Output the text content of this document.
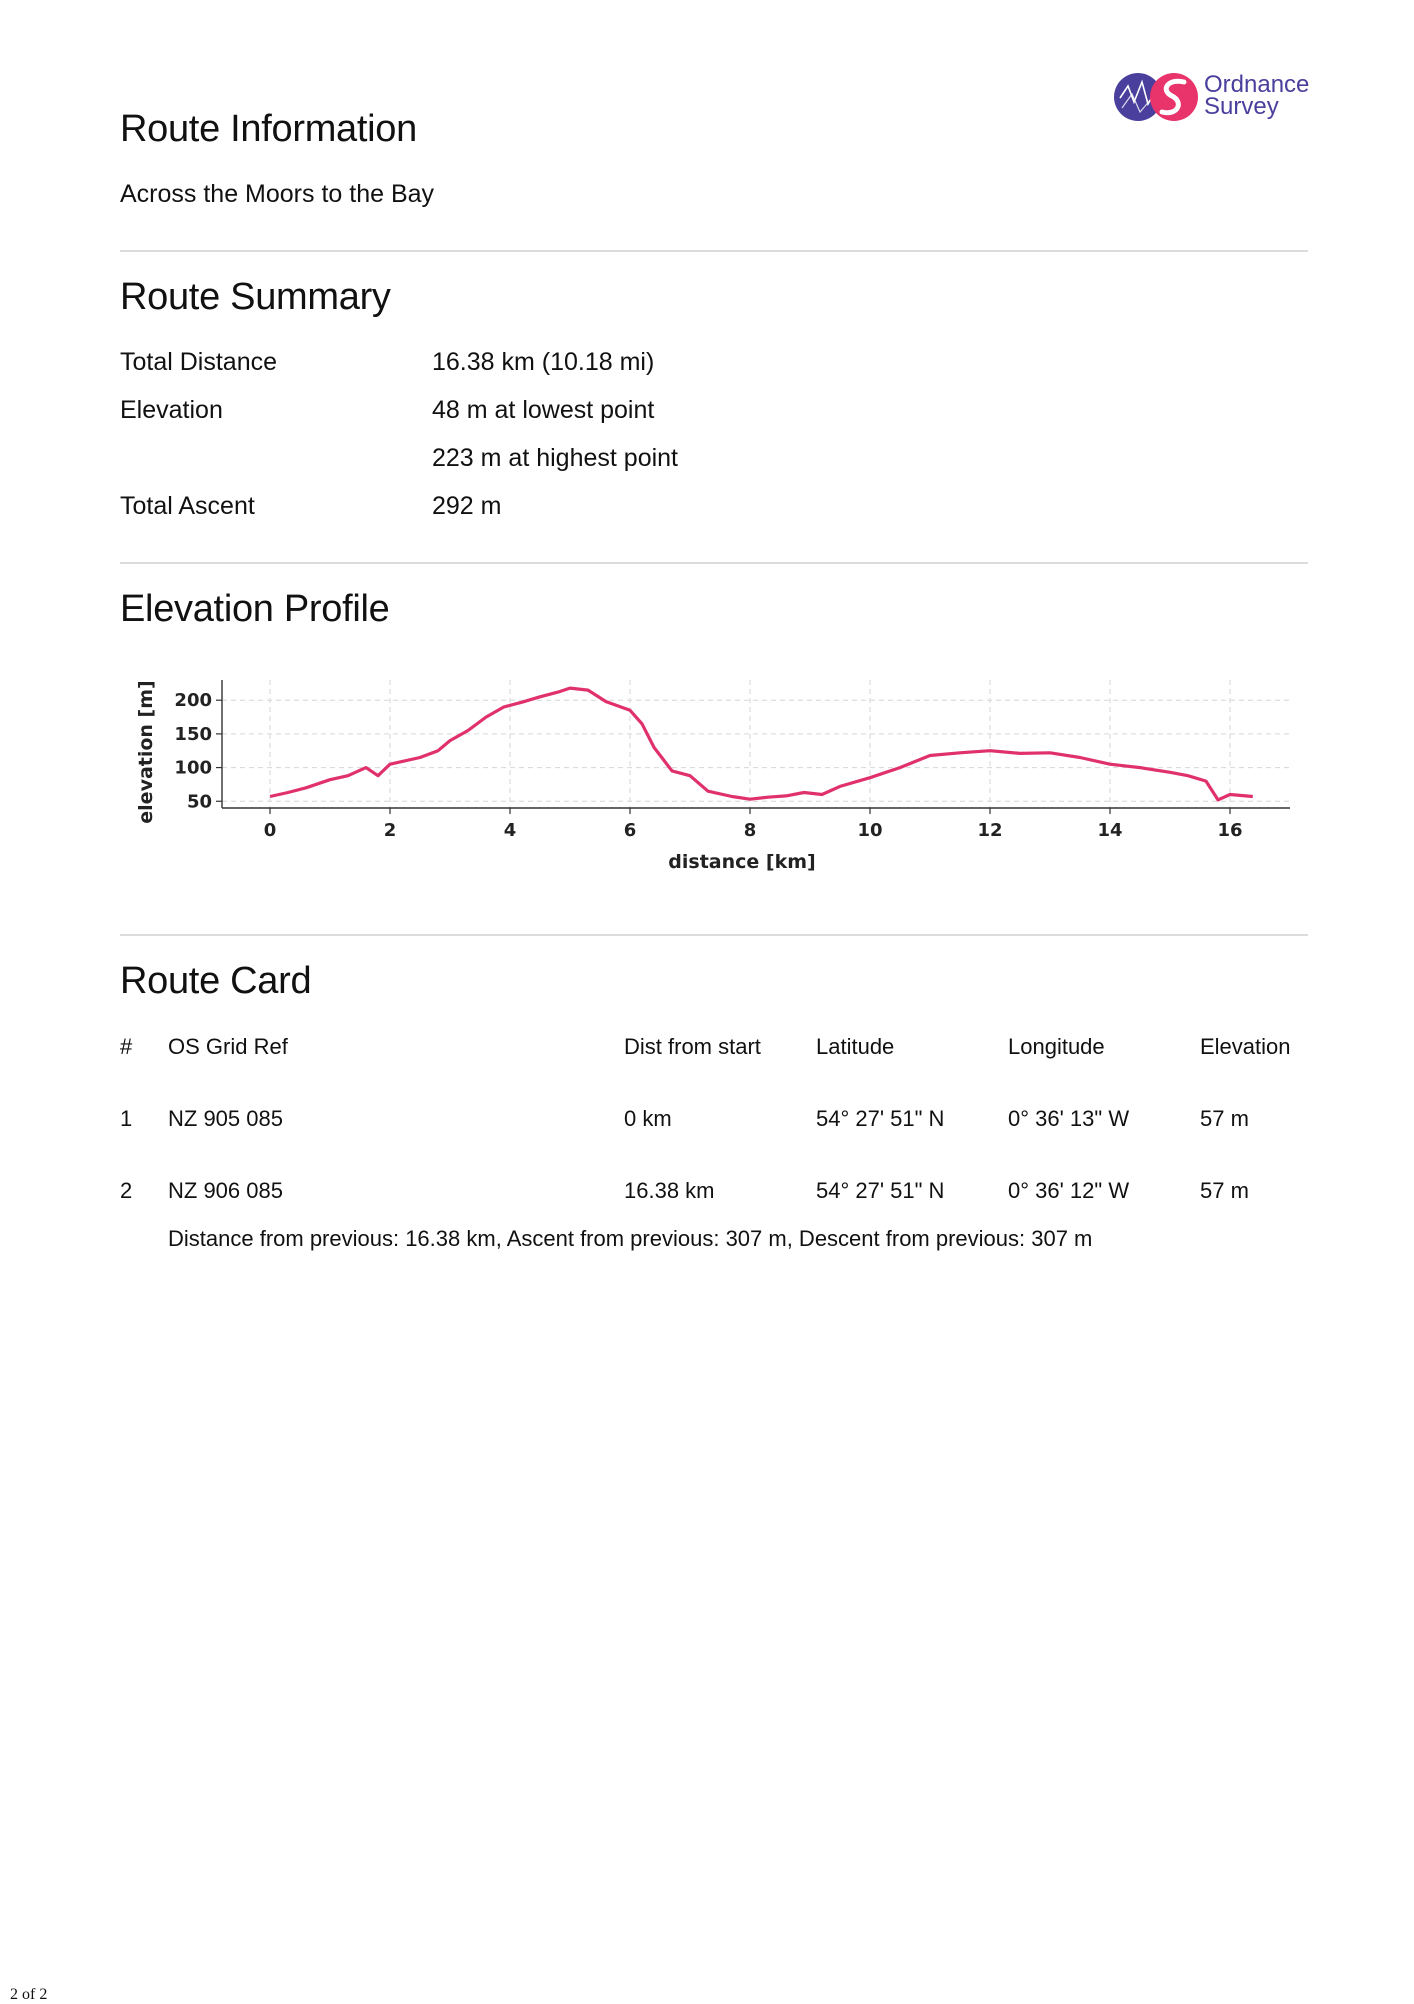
Ordnance
Survey
Route Information
Across the Moors to the Bay
Route Summary
Total Distance	16.38 km (10.18 mi)
Elevation	48 m at lowest point
223 m at highest point
Total Ascent	292 m
Elevation Profile
0	2	4	6	8	10	12	14	16
50
100
150
200
distance [km]
elevation [m]
Route Card
# OS Grid Ref	Dist from start	Latitude	Longitude	Elevation
1 NZ 905 085	0 km	54° 27' 51" N	0° 36' 13" W	57 m
2 NZ 906 085	16.38 km	54° 27' 51" N	0° 36' 12" W	57 m
Distance from previous: 16.38 km, Ascent from previous: 307 m, Descent from previous: 307 m
2 of 2
